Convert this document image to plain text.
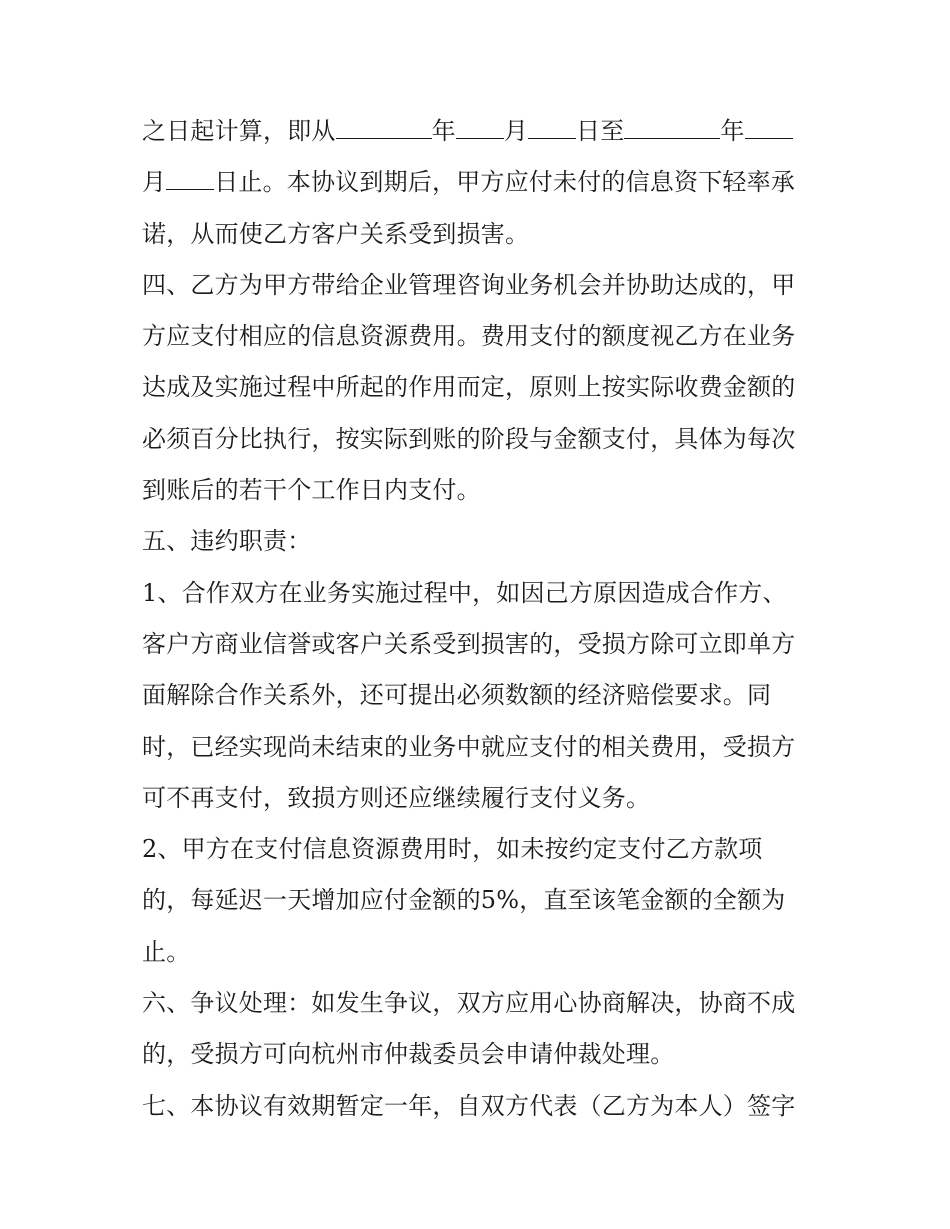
之日起计算，即从	年 月 日至	年
月 日止。本协议到期后，甲方应付未付的信息资下轻率承
诺，从而使乙方客户关系受到损害。
四、乙方为甲方带给企业管理咨询业务机会并协助达成的，甲
方应支付相应的信息资源费用。费用支付的额度视乙方在业务
达成及实施过程中所起的作用而定，原则上按实际收费金额的
必须百分比执行，按实际到账的阶段与金额支付，具体为每次
到账后的若干个工作日内支付。
五、违约职责：
1、合作双方在业务实施过程中，如因己方原因造成合作方、
客户方商业信誉或客户关系受到损害的，受损方除可立即单方
面解除合作关系外，还可提出必须数额的经济赔偿要求。同
时，已经实现尚未结束的业务中就应支付的相关费用，受损方
可不再支付，致损方则还应继续履行支付义务。
2、甲方在支付信息资源费用时，如未按约定支付乙方款项
的，每延迟一天增加应付金额的5%，直至该笔金额的全额为
止。
六、争议处理：如发生争议，双方应用心协商解决，协商不成
的，受损方可向杭州市仲裁委员会申请仲裁处理。
七、本协议有效期暂定一年，自双方代表（乙方为本人）签字
